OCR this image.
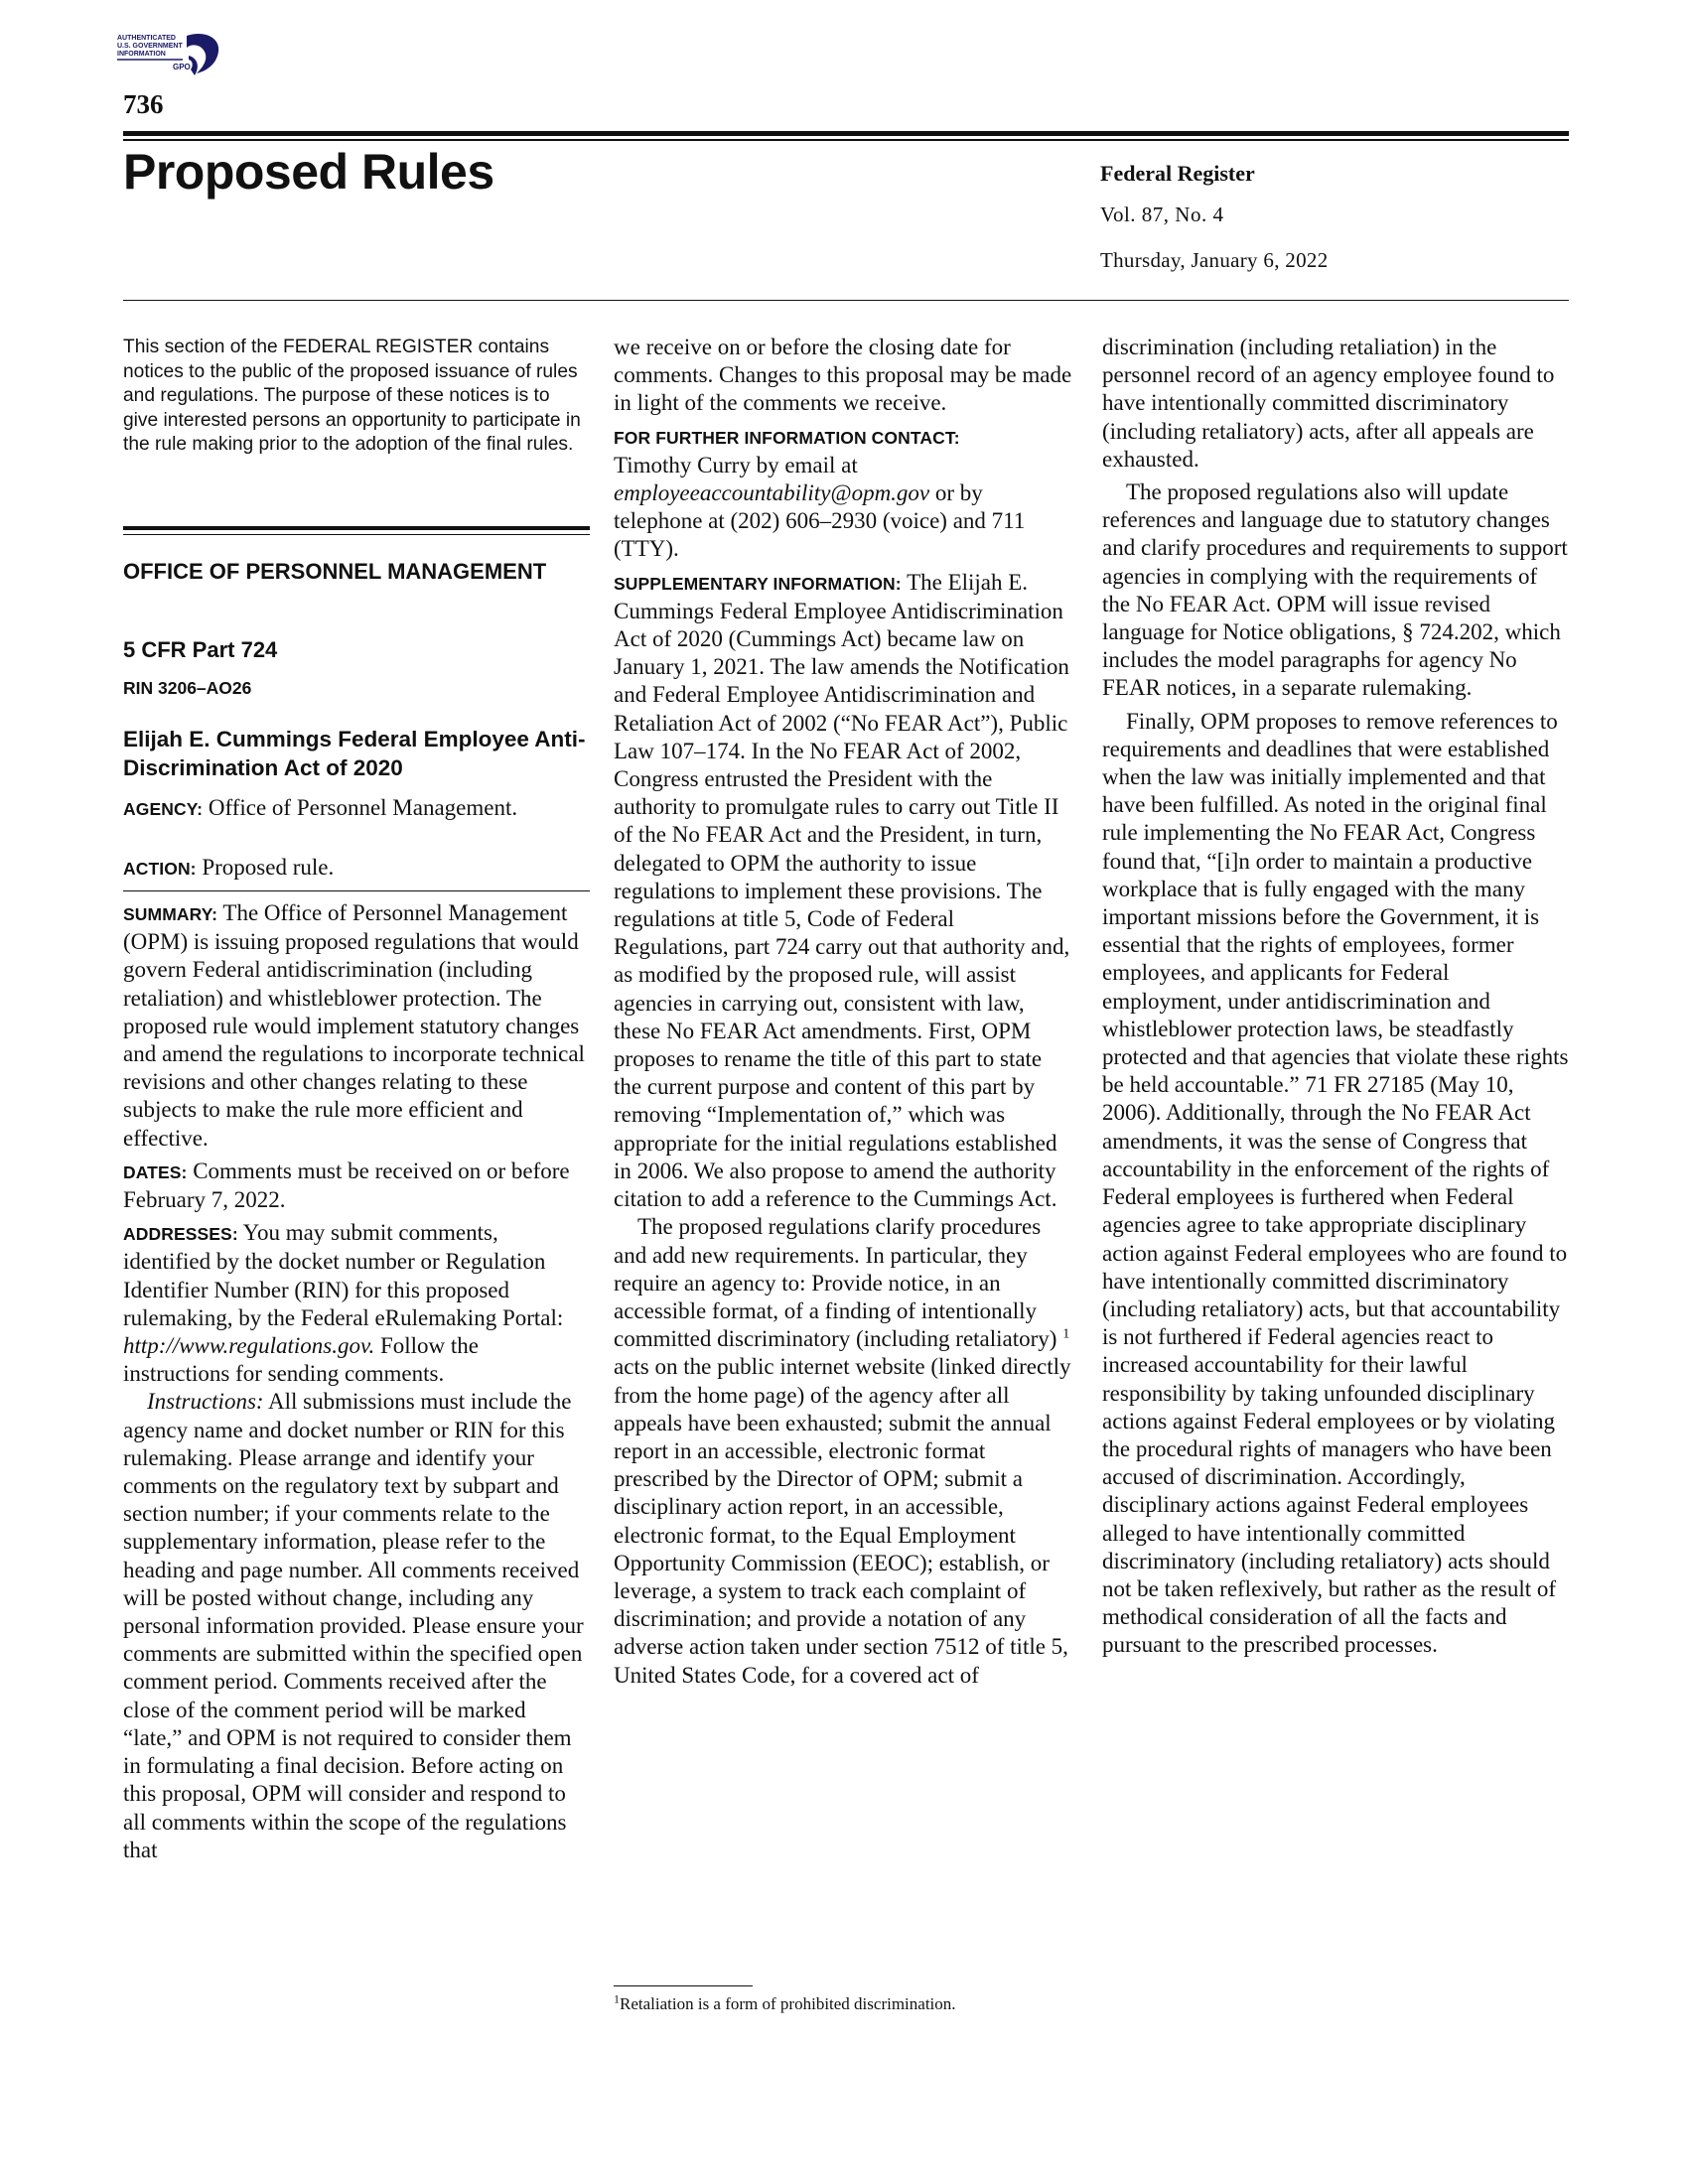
AUTHENTICATED
U.S. GOVERNMENT
INFORMATION
GPO
736
Proposed Rules	Federal Register
Vol. 87, No. 4
Thursday, January 6, 2022
This section of the FEDERAL REGISTER contains notices to the public of the proposed issuance of rules and regulations. The purpose of these notices is to give interested persons an opportunity to participate in the rule making prior to the adoption of the final rules.
OFFICE OF PERSONNEL MANAGEMENT
5 CFR Part 724
RIN 3206–AO26
Elijah E. Cummings Federal Employee Anti-Discrimination Act of 2020
AGENCY: Office of Personnel Management.
ACTION: Proposed rule.

SUMMARY: The Office of Personnel Management (OPM) is issuing proposed regulations that would govern Federal antidiscrimination (including retaliation) and whistleblower protection. The proposed rule would implement statutory changes and amend the regulations to incorporate technical revisions and other changes relating to these subjects to make the rule more efficient and effective.

DATES: Comments must be received on or before February 7, 2022.

ADDRESSES: You may submit comments, identified by the docket number or Regulation Identifier Number (RIN) for this proposed rulemaking, by the Federal eRulemaking Portal: http://www.regulations.gov. Follow the instructions for sending comments.

Instructions: All submissions must include the agency name and docket number or RIN for this rulemaking. Please arrange and identify your comments on the regulatory text by subpart and section number; if your comments relate to the supplementary information, please refer to the heading and page number. All comments received will be posted without change, including any personal information provided. Please ensure your comments are submitted within the specified open comment period. Comments received after the close of the comment period will be marked “late,” and OPM is not required to consider them in formulating a final decision. Before acting on this proposal, OPM will consider and respond to all comments within the scope of the regulations that

we receive on or before the closing date for comments. Changes to this proposal may be made in light of the comments we receive.

FOR FURTHER INFORMATION CONTACT:
Timothy Curry by email at employeeaccountability@opm.gov or by telephone at (202) 606–2930 (voice) and 711 (TTY).

SUPPLEMENTARY INFORMATION: The Elijah E. Cummings Federal Employee Antidiscrimination Act of 2020 (Cummings Act) became law on January 1, 2021. The law amends the Notification and Federal Employee Antidiscrimination and Retaliation Act of 2002 (“No FEAR Act”), Public Law 107–174. In the No FEAR Act of 2002, Congress entrusted the President with the authority to promulgate rules to carry out Title II of the No FEAR Act and the President, in turn, delegated to OPM the authority to issue regulations to implement these provisions. The regulations at title 5, Code of Federal Regulations, part 724 carry out that authority and, as modified by the proposed rule, will assist agencies in carrying out, consistent with law, these No FEAR Act amendments. First, OPM proposes to rename the title of this part to state the current purpose and content of this part by removing “Implementation of,” which was appropriate for the initial regulations established in 2006. We also propose to amend the authority citation to add a reference to the Cummings Act.

The proposed regulations clarify procedures and add new requirements. In particular, they require an agency to: Provide notice, in an accessible format, of a finding of intentionally committed discriminatory (including retaliatory) $^1$ acts on the public internet website (linked directly from the home page) of the agency after all appeals have been exhausted; submit the annual report in an accessible, electronic format prescribed by the Director of OPM; submit a disciplinary action report, in an accessible, electronic format, to the Equal Employment Opportunity Commission (EEOC); establish, or leverage, a system to track each complaint of discrimination; and provide a notation of any adverse action taken under section 7512 of title 5, United States Code, for a covered act of

$^1$Retaliation is a form of prohibited discrimination.

discrimination (including retaliation) in the personnel record of an agency employee found to have intentionally committed discriminatory (including retaliatory) acts, after all appeals are exhausted.

The proposed regulations also will update references and language due to statutory changes and clarify procedures and requirements to support agencies in complying with the requirements of the No FEAR Act. OPM will issue revised language for Notice obligations, § 724.202, which includes the model paragraphs for agency No FEAR notices, in a separate rulemaking.

Finally, OPM proposes to remove references to requirements and deadlines that were established when the law was initially implemented and that have been fulfilled. As noted in the original final rule implementing the No FEAR Act, Congress found that, “[i]n order to maintain a productive workplace that is fully engaged with the many important missions before the Government, it is essential that the rights of employees, former employees, and applicants for Federal employment, under antidiscrimination and whistleblower protection laws, be steadfastly protected and that agencies that violate these rights be held accountable.” 71 FR 27185 (May 10, 2006). Additionally, through the No FEAR Act amendments, it was the sense of Congress that accountability in the enforcement of the rights of Federal employees is furthered when Federal agencies agree to take appropriate disciplinary action against Federal employees who are found to have intentionally committed discriminatory (including retaliatory) acts, but that accountability is not furthered if Federal agencies react to increased accountability for their lawful responsibility by taking unfounded disciplinary actions against Federal employees or by violating the procedural rights of managers who have been accused of discrimination. Accordingly, disciplinary actions against Federal employees alleged to have intentionally committed discriminatory (including retaliatory) acts should not be taken reflexively, but rather as the result of methodical consideration of all the facts and pursuant to the prescribed processes.
